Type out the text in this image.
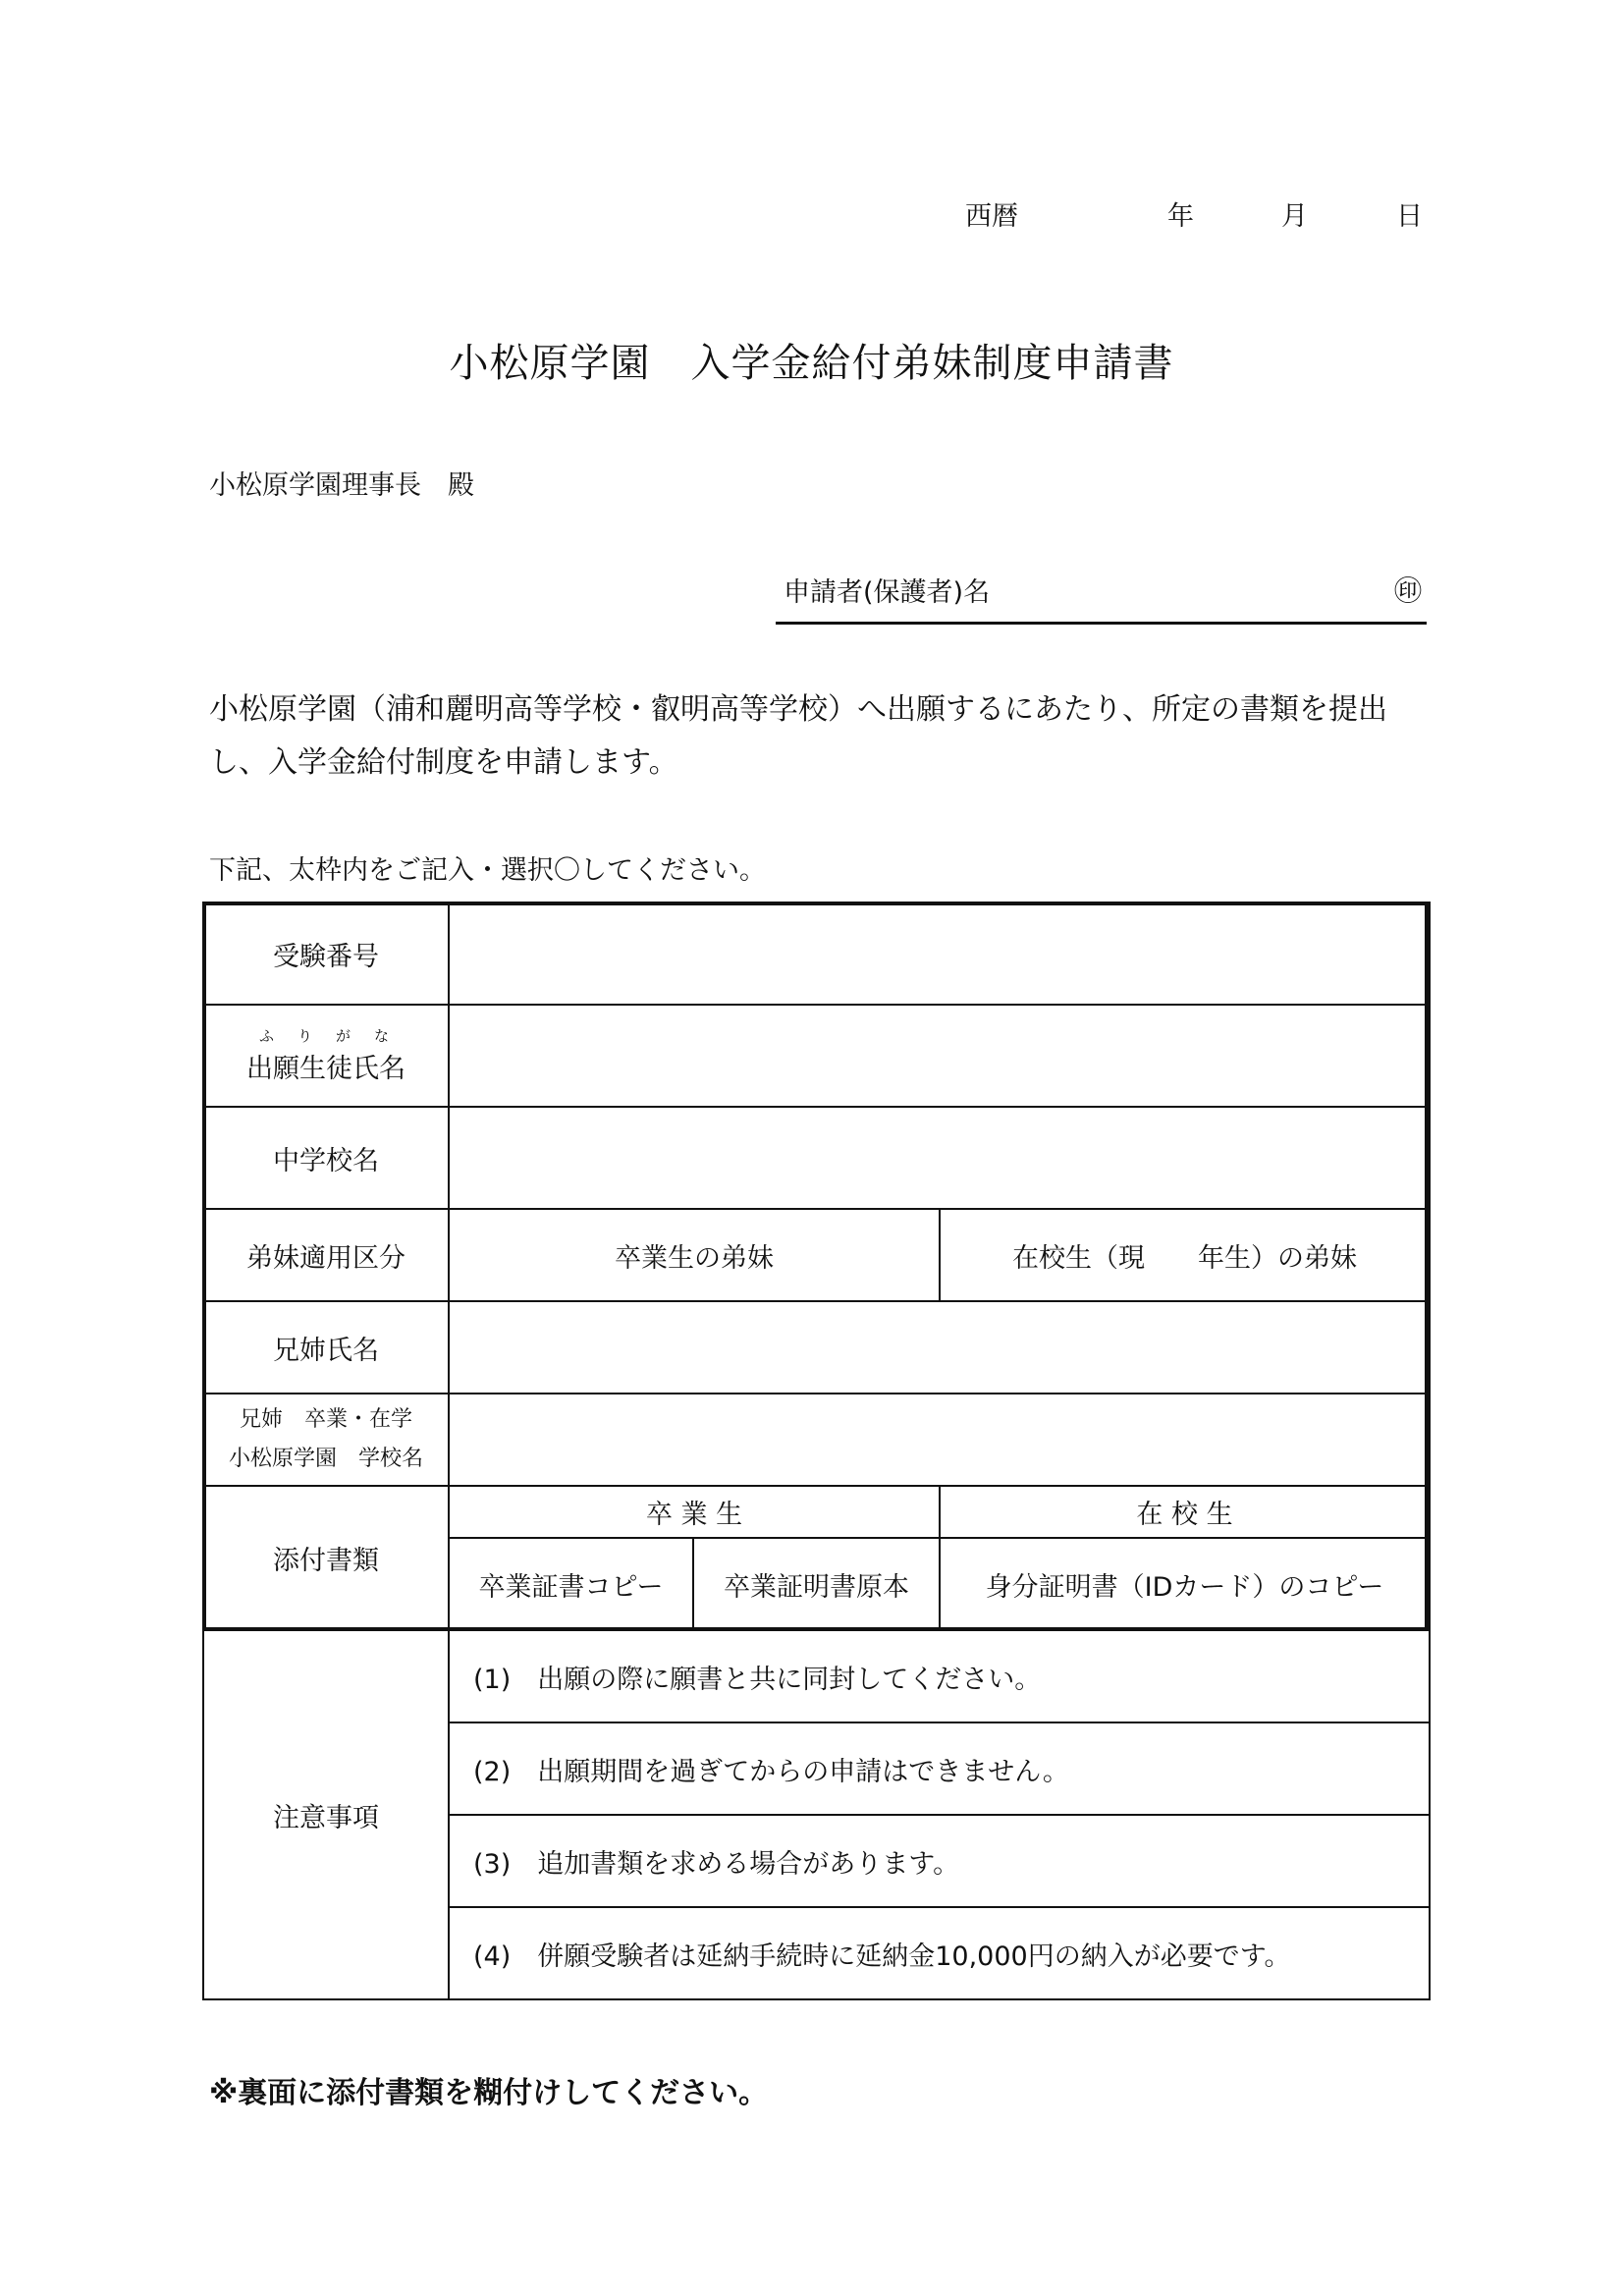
西暦	年	月	日
小松原学園　入学金給付弟妹制度申請書
小松原学園理事長　殿
申請者(保護者)名	㊞
小松原学園（浦和麗明高等学校・叡明高等学校）へ出願するにあたり、所定の書類を提出し、入学金給付制度を申請します。
下記、太枠内をご記入・選択〇してください。
受験番号			

ふりがな
出願生徒氏名			
中学校名			
弟妹適用区分	卒業生の弟妹		在校生（現　　年生）の弟妹
兄姉氏名			

兄姉　卒業・在学
小松原学園　学校名			

添付書類	卒 業 生		在 校 生
	卒業証書コピー	卒業証明書原本	身分証明書（IDカード）のコピー
注意事項	(1)　出願の際に願書と共に同封してください。		
	(2)　出願期間を過ぎてからの申請はできません。		
	(3)　追加書類を求める場合があります。		
	(4)　併願受験者は延納手続時に延納金10,000円の納入が必要です。		
※裏面に添付書類を糊付けしてください。
